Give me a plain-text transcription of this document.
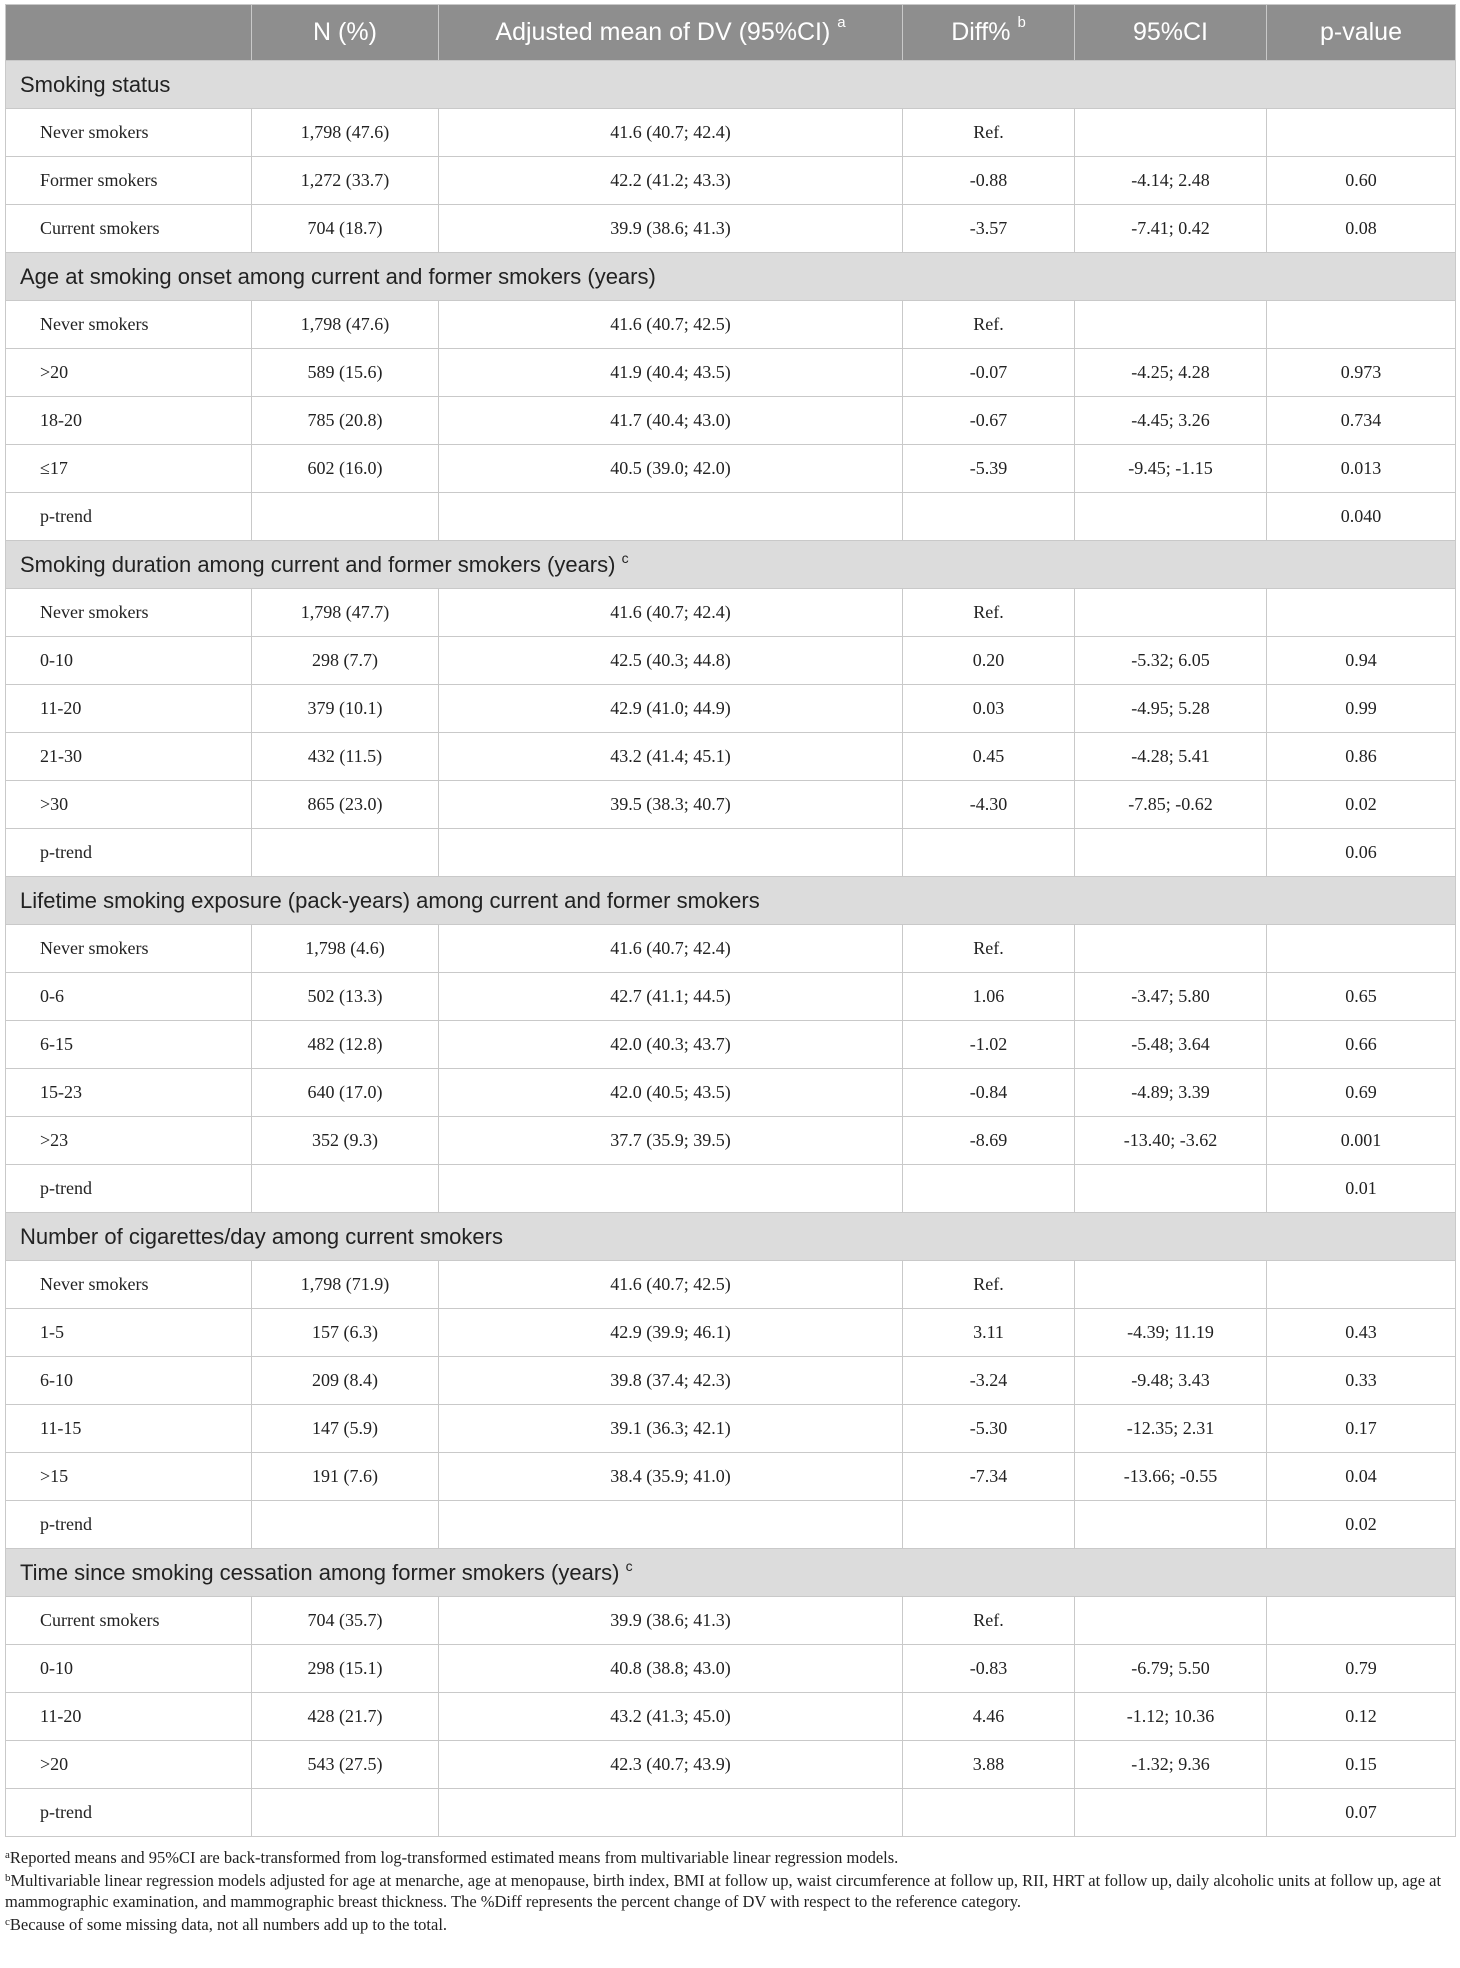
	N (%)	Adjusted mean of DV (95%CI) $^a$	Diff% $^b$	95%CI	p-value
Smoking status					
Never smokers	1,798 (47.6)	41.6 (40.7; 42.4)	Ref.		
Former smokers	1,272 (33.7)	42.2 (41.2; 43.3)	-0.88	-4.14; 2.48	0.60
Current smokers	704 (18.7)	39.9 (38.6; 41.3)	-3.57	-7.41; 0.42	0.08
Age at smoking onset among current and former smokers (years)					
Never smokers	1,798 (47.6)	41.6 (40.7; 42.5)	Ref.		
>20	589 (15.6)	41.9 (40.4; 43.5)	-0.07	-4.25; 4.28	0.973
18-20	785 (20.8)	41.7 (40.4; 43.0)	-0.67	-4.45; 3.26	0.734
≤17	602 (16.0)	40.5 (39.0; 42.0)	-5.39	-9.45; -1.15	0.013
p-trend					0.040
Smoking duration among current and former smokers (years) $^c$
Never smokers	1,798 (47.7)	41.6 (40.7; 42.4)	Ref.		
0-10	298 (7.7)	42.5 (40.3; 44.8)	0.20	-5.32; 6.05	0.94
11-20	379 (10.1)	42.9 (41.0; 44.9)	0.03	-4.95; 5.28	0.99
21-30	432 (11.5)	43.2 (41.4; 45.1)	0.45	-4.28; 5.41	0.86
>30	865 (23.0)	39.5 (38.3; 40.7)	-4.30	-7.85; -0.62	0.02
p-trend					0.06
Lifetime smoking exposure (pack-years) among current and former smokers					
Never smokers	1,798 (4.6)	41.6 (40.7; 42.4)	Ref.		
0-6	502 (13.3)	42.7 (41.1; 44.5)	1.06	-3.47; 5.80	0.65
6-15	482 (12.8)	42.0 (40.3; 43.7)	-1.02	-5.48; 3.64	0.66
15-23	640 (17.0)	42.0 (40.5; 43.5)	-0.84	-4.89; 3.39	0.69
>23	352 (9.3)	37.7 (35.9; 39.5)	-8.69	-13.40; -3.62	0.001
p-trend					0.01
Number of cigarettes/day among current smokers					
Never smokers	1,798 (71.9)	41.6 (40.7; 42.5)	Ref.		
1-5	157 (6.3)	42.9 (39.9; 46.1)	3.11	-4.39; 11.19	0.43
6-10	209 (8.4)	39.8 (37.4; 42.3)	-3.24	-9.48; 3.43	0.33
11-15	147 (5.9)	39.1 (36.3; 42.1)	-5.30	-12.35; 2.31	0.17
>15	191 (7.6)	38.4 (35.9; 41.0)	-7.34	-13.66; -0.55	0.04
p-trend					0.02
Time since smoking cessation among former smokers (years) $^c$
Current smokers	704 (35.7)	39.9 (38.6; 41.3)	Ref.		
0-10	298 (15.1)	40.8 (38.8; 43.0)	-0.83	-6.79; 5.50	0.79
11-20	428 (21.7)	43.2 (41.3; 45.0)	4.46	-1.12; 10.36	0.12
>20	543 (27.5)	42.3 (40.7; 43.9)	3.88	-1.32; 9.36	0.15
p-trend					0.07

$^a$Reported means and 95%CI are back-transformed from log-transformed estimated means from multivariable linear regression models.

$^b$Multivariable linear regression models adjusted for age at menarche, age at menopause, birth index, BMI at follow up, waist circumference at follow up, RII, HRT at follow up, daily alcoholic units at follow up, age at mammographic examination, and mammographic breast thickness. The %Diff represents the percent change of DV with respect to the reference category.

$^c$Because of some missing data, not all numbers add up to the total.
